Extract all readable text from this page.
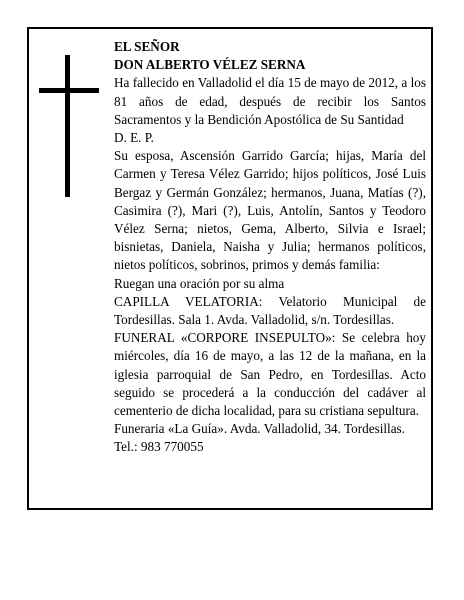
EL SEÑOR

DON ALBERTO VÉLEZ SERNA

Ha fallecido en Valladolid el día 15 de mayo de 2012, a los 81 años de edad, después de recibir los Santos Sacramentos y la Bendición Apostólica de Su Santidad

D. E. P.

Su esposa, Ascensión Garrido García; hijas, María del Carmen y Teresa Vélez Garrido; hijos políticos, José Luis Bergaz y Germán González; hermanos, Juana, Matías (?), Casimira (?), Mari (?), Luis, Antolín, Santos y Teodoro Vélez Serna; nietos, Gema, Alberto, Silvia e Israel; bisnietas, Daniela, Naisha y Julia; hermanos políticos, nietos políticos, sobrinos, primos y demás familia:

Ruegan una oración por su alma

CAPILLA VELATORIA: Velatorio Municipal de Tordesillas. Sala 1. Avda. Valladolid, s/n. Tordesillas.

FUNERAL «CORPORE INSEPULTO»: Se celebra hoy miércoles, día 16 de mayo, a las 12 de la mañana, en la iglesia parroquial de San Pedro, en Tordesillas. Acto seguido se procederá a la conducción del cadáver al cementerio de dicha localidad, para su cristiana sepultura.

Funeraria «La Guía». Avda. Valladolid, 34. Tordesillas.

Tel.: 983 770055
